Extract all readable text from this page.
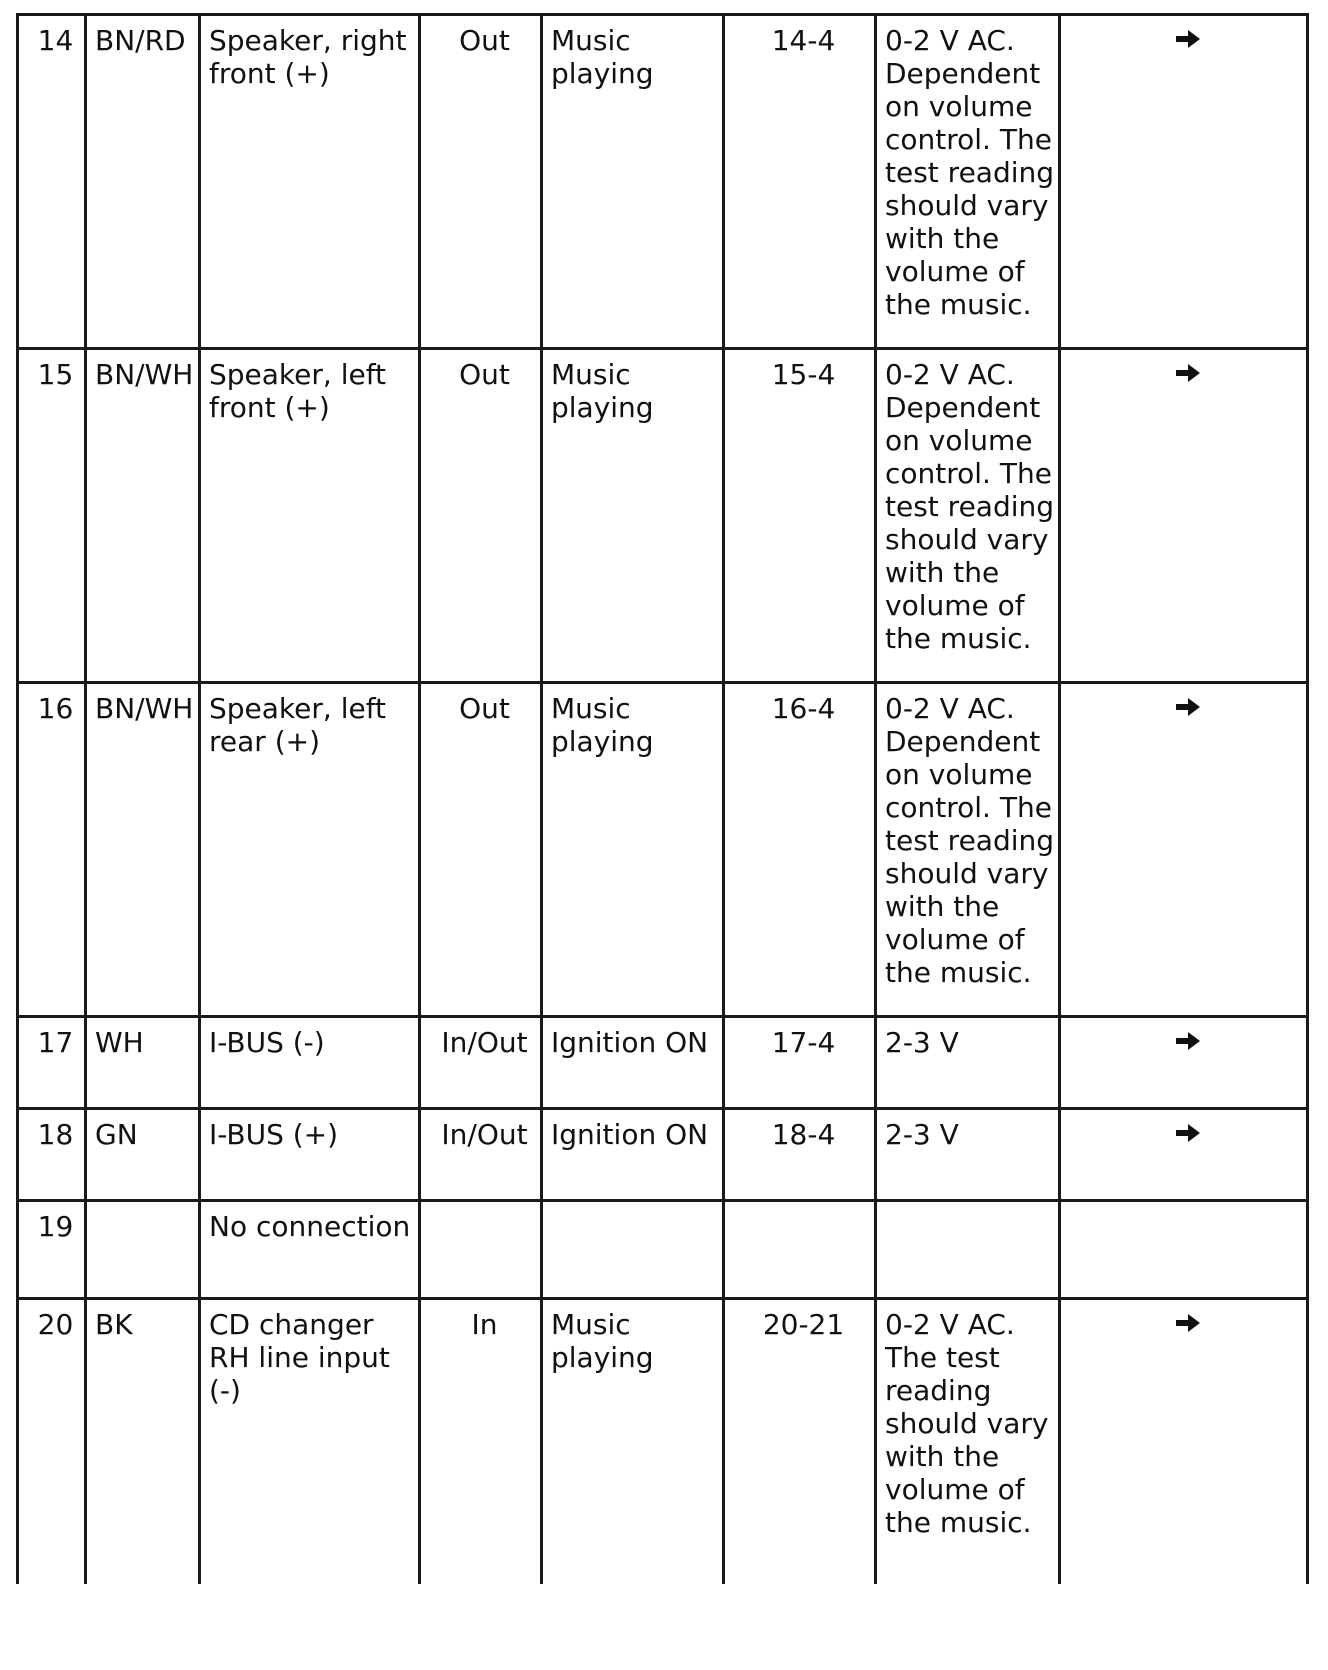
14	BN/RD	Speaker, right front (+)	Out	Music playing	14-4	0-2 V AC. Dependent on volume control. The test reading should vary with the volume of the music.	
15	BN/WH	Speaker, left front (+)	Out	Music playing	15-4	0-2 V AC. Dependent on volume control. The test reading should vary with the volume of the music.	
16	BN/WH	Speaker, left rear (+)	Out	Music playing	16-4	0-2 V AC. Dependent on volume control. The test reading should vary with the volume of the music.	
17	WH	I-BUS (-)	In/Out	Ignition ON	17-4	2-3 V	
18	GN	I-BUS (+)	In/Out	Ignition ON	18-4	2-3 V	
19		No connection					
20	BK	CD changer RH line input (-)	In	Music playing	20-21	0-2 V AC. The test reading should vary with the volume of the music.	
